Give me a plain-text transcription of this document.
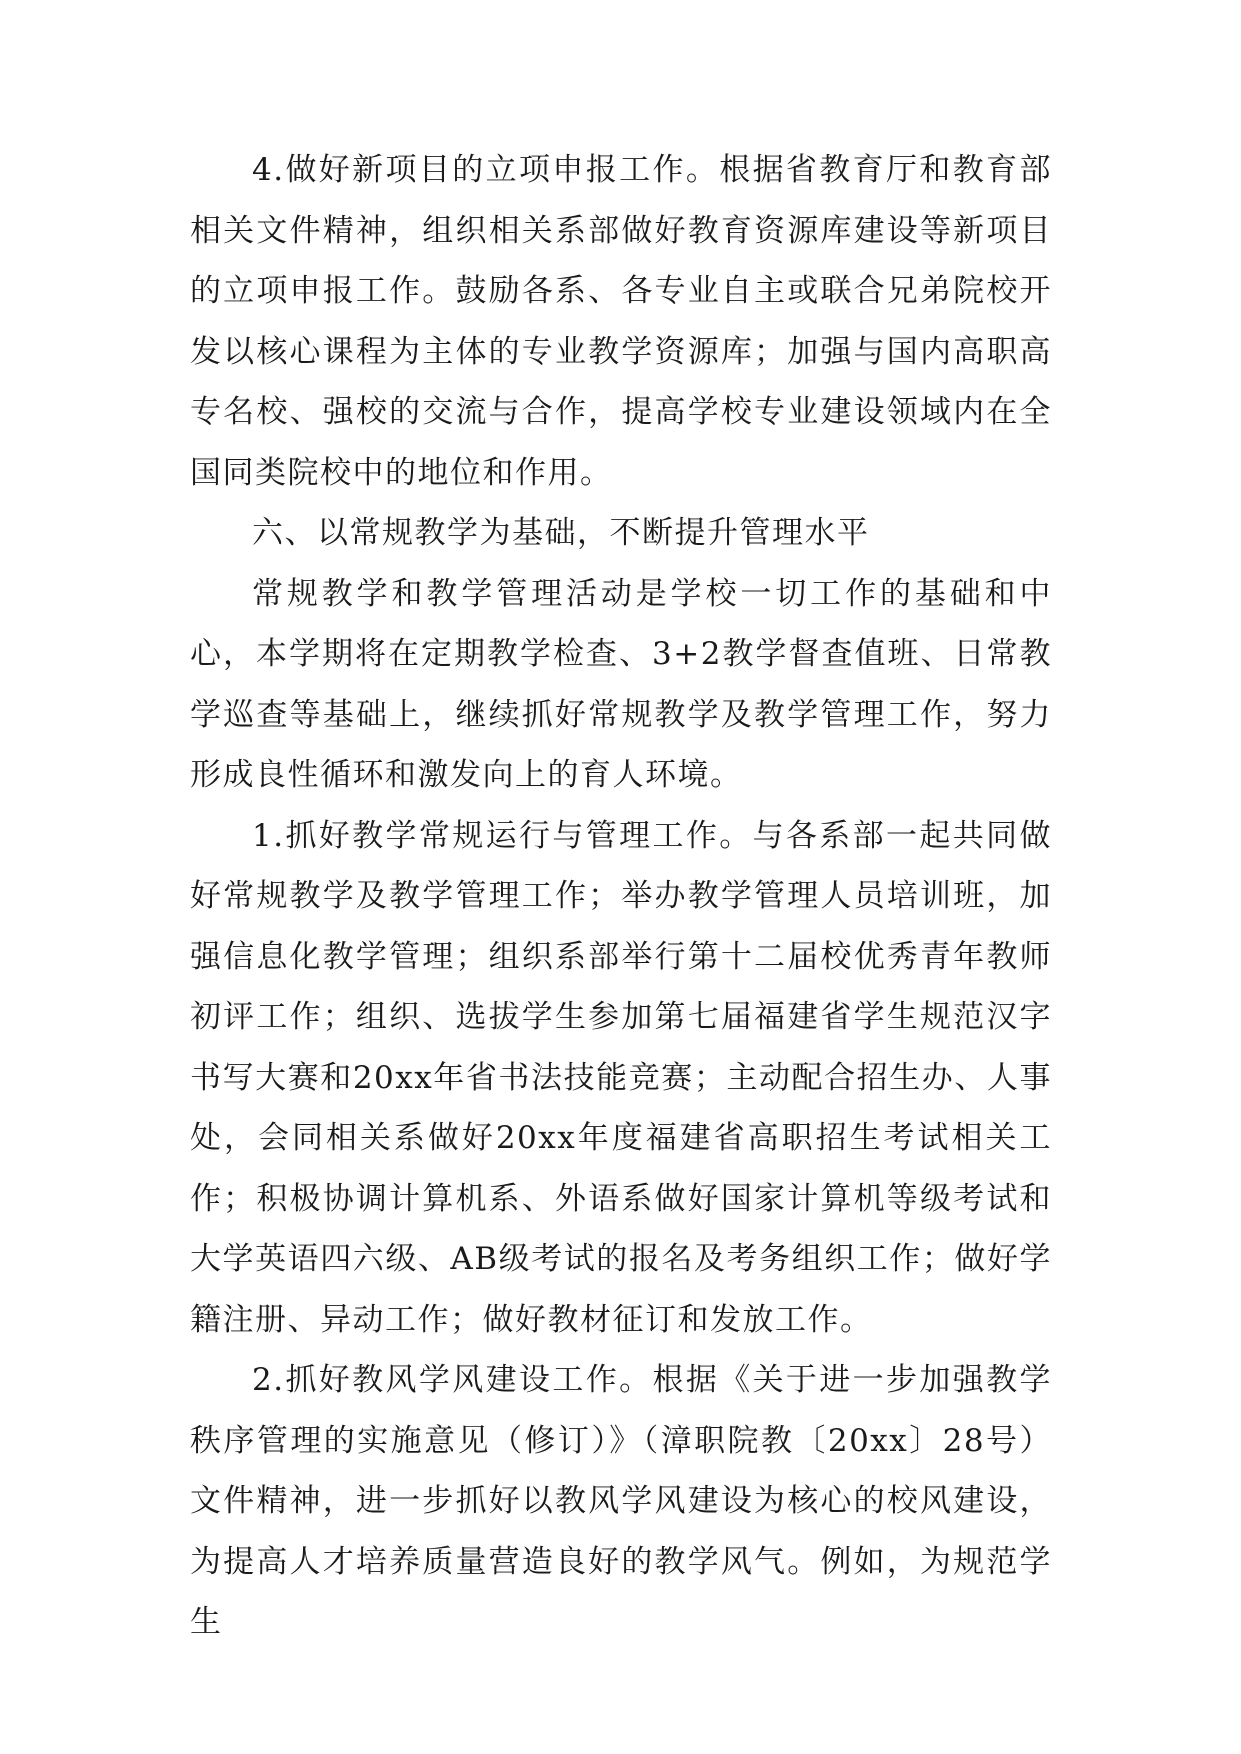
4.做好新项目的立项申报工作。根据省教育厅和教育部相关文件精神，组织相关系部做好教育资源库建设等新项目的立项申报工作。鼓励各系、各专业自主或联合兄弟院校开发以核心课程为主体的专业教学资源库；加强与国内高职高专名校、强校的交流与合作，提高学校专业建设领域内在全国同类院校中的地位和作用。

六、以常规教学为基础，不断提升管理水平

常规教学和教学管理活动是学校一切工作的基础和中心，本学期将在定期教学检查、3+2教学督查值班、日常教学巡查等基础上，继续抓好常规教学及教学管理工作，努力形成良性循环和激发向上的育人环境。

1.抓好教学常规运行与管理工作。与各系部一起共同做好常规教学及教学管理工作；举办教学管理人员培训班，加强信息化教学管理；组织系部举行第十二届校优秀青年教师初评工作；组织、选拔学生参加第七届福建省学生规范汉字书写大赛和20xx年省书法技能竞赛；主动配合招生办、人事处，会同相关系做好20xx年度福建省高职招生考试相关工作；积极协调计算机系、外语系做好国家计算机等级考试和大学英语四六级、AB级考试的报名及考务组织工作；做好学籍注册、异动工作；做好教材征订和发放工作。

2.抓好教风学风建设工作。根据《关于进一步加强教学秩序管理的实施意见（修订）》（漳职院教〔20xx〕28号）文件精神，进一步抓好以教风学风建设为核心的校风建设，为提高人才培养质量营造良好的教学风气。例如，为规范学生
